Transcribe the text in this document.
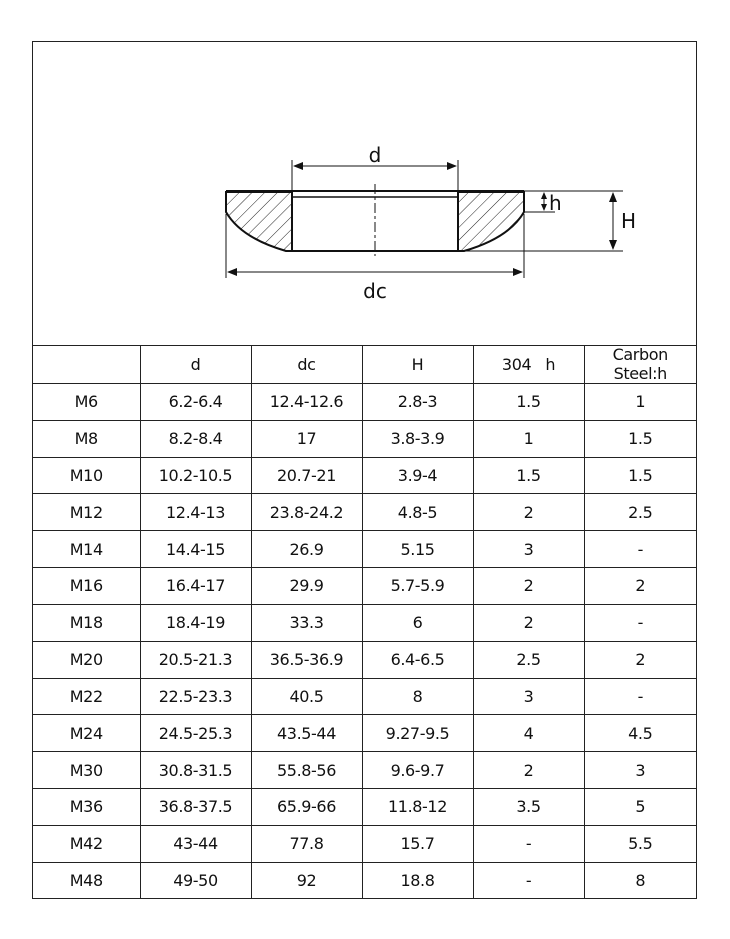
d
dc
h
H
	d	dc	H	304   h	Carbon Steel:h
M6	6.2-6.4	12.4-12.6	2.8-3	1.5	1
M8	8.2-8.4	17	3.8-3.9	1	1.5
M10	10.2-10.5	20.7-21	3.9-4	1.5	1.5
M12	12.4-13	23.8-24.2	4.8-5	2	2.5
M14	14.4-15	26.9	5.15	3	-
M16	16.4-17	29.9	5.7-5.9	2	2
M18	18.4-19	33.3	6	2	-
M20	20.5-21.3	36.5-36.9	6.4-6.5	2.5	2
M22	22.5-23.3	40.5	8	3	-
M24	24.5-25.3	43.5-44	9.27-9.5	4	4.5
M30	30.8-31.5	55.8-56	9.6-9.7	2	3
M36	36.8-37.5	65.9-66	11.8-12	3.5	5
M42	43-44	77.8	15.7	-	5.5
M48	49-50	92	18.8	-	8
